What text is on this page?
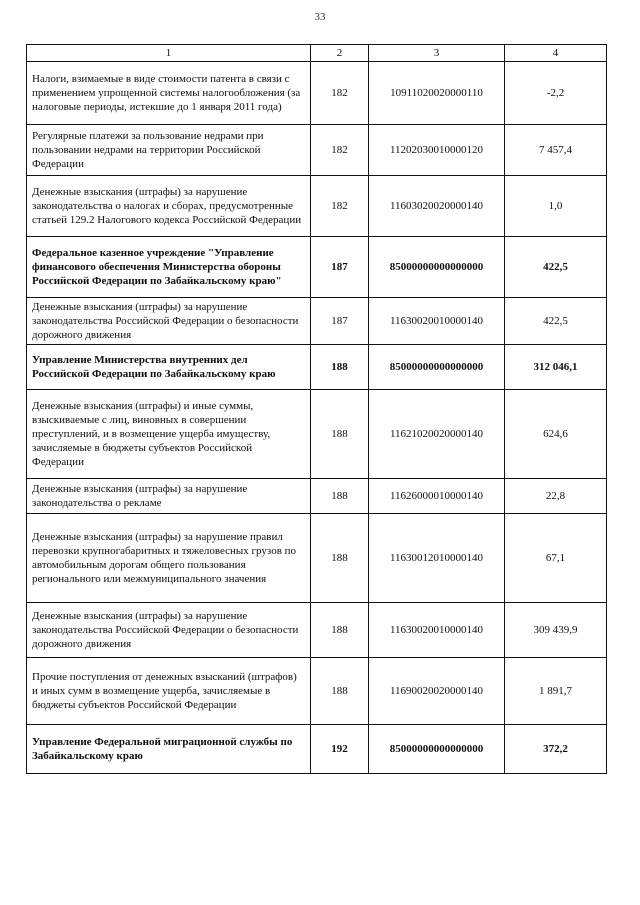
33
1	2	3	4
Налоги, взимаемые в виде стоимости патента в связи с применением упрощенной системы налогообложения (за налоговые периоды, истекшие до 1 января 2011 года)	182	10911020020000110	-2,2
Регулярные платежи за пользование недрами при пользовании недрами на территории Российской Федерации	182	11202030010000120	7 457,4
Денежные взыскания (штрафы) за нарушение законодательства о налогах и сборах, предусмотренные статьей 129.2 Налогового кодекса Российской Федерации	182	11603020020000140	1,0
Федеральное казенное учреждение "Управление финансового обеспечения Министерства обороны Российской Федерации по Забайкальскому краю"	187	85000000000000000	422,5
Денежные взыскания (штрафы) за нарушение законодательства Российской Федерации о безопасности дорожного движения	187	11630020010000140	422,5
Управление Министерства внутренних дел Российской Федерации по Забайкальскому краю	188	85000000000000000	312 046,1
Денежные взыскания (штрафы) и иные суммы, взыскиваемые с лиц, виновных в совершении преступлений, и в возмещение ущерба имуществу, зачисляемые в бюджеты субъектов Российской Федерации	188	11621020020000140	624,6
Денежные взыскания (штрафы) за нарушение законодательства о рекламе	188	11626000010000140	22,8
Денежные взыскания (штрафы) за нарушение правил перевозки крупногабаритных и тяжеловесных грузов по автомобильным дорогам общего пользования регионального или межмуниципального значения	188	11630012010000140	67,1
Денежные взыскания (штрафы) за нарушение законодательства Российской Федерации о безопасности дорожного движения	188	11630020010000140	309 439,9
Прочие поступления от денежных взысканий (штрафов) и иных сумм в возмещение ущерба, зачисляемые в бюджеты субъектов Российской Федерации	188	11690020020000140	1 891,7
Управление Федеральной миграционной службы по Забайкальскому краю	192	85000000000000000	372,2
